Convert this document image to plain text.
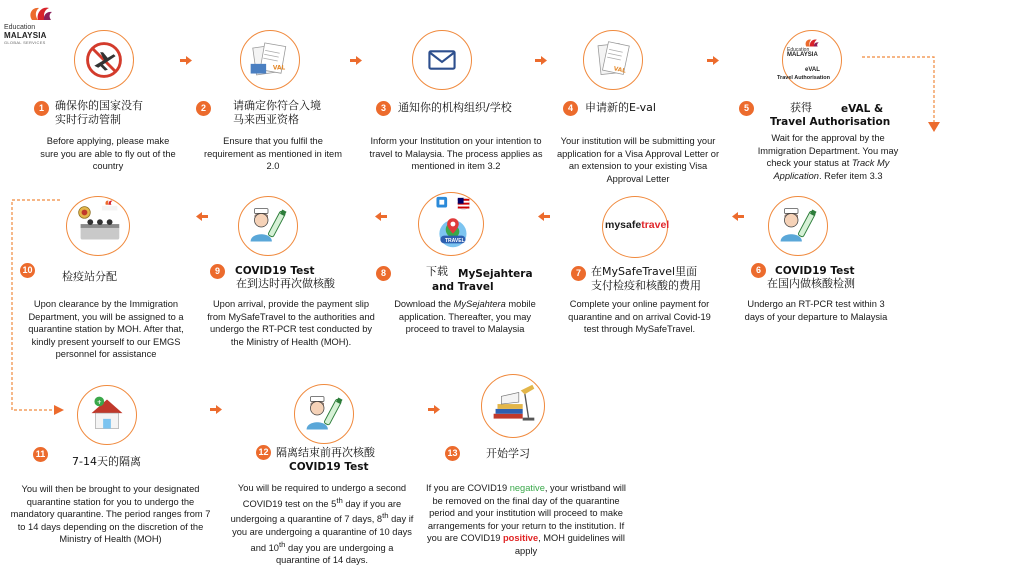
Education
MALAYSIA
GLOBAL SERVICES
1	确保你的国家没有
实时行动管制
Before applying, please make sure you are able to fly out of the country
VAL
2	请确定你符合入境
马来西亚资格
Ensure that you fulfil the requirement as mentioned in item 2.0
3	通知你的机构组织/学校
Inform your Institution on your intention to travel to Malaysia. The process applies as mentioned in item 3.2
VAL
4	申请新的E-val
Your institution will be submitting your application for a Visa Approval Letter or an extension to your existing Visa Approval Letter
Education
MALAYSIA
eVAL
Travel Authorisation
5	获得	eVAL &
Travel Authorisation
Wait for the approval by the Immigration Department. You may check your status at Track My Application. Refer item 3.3
6	COVID19 Test
在国内做核酸检测
Undergo an RT-PCR test within 3 days of your departure to Malaysia
mysafetravel
7 在MySafeTravel里面
支付检疫和核酸的费用
Complete your online payment for quarantine and on arrival Covid-19 test through MySafeTravel.
TRAVEL
8	下载 MySejahtera
and Travel
Download the MySejahtera mobile application. Thereafter, you may proceed to travel to Malaysia
9	COVID19 Test
在到达时再次做核酸
Upon arrival, provide the payment slip from MySafeTravel to the authorities and undergo the RT-PCR test conducted by the Ministry of Health (MOH).
10	检疫站分配
Upon clearance by the Immigration Department, you will be assigned to a quarantine station by MOH. After that, kindly present yourself to our EMGS personnel for assistance
+
11
7-14天的隔离
You will then be brought to your designated quarantine station for you to undergo the mandatory quarantine. The period ranges from 7 to 14 days depending on the discretion of the Ministry of Health (MOH)
12 隔离结束前再次核酸
COVID19 Test
You will be required to undergo a second COVID19 test on the 5th day if you are undergoing a quarantine of 7 days, 8th day if you are undergoing a quarantine of 10 days and 10th day you are undergoing a quarantine of 14 days.
13	开始学习
If you are COVID19 negative, your wristband will be removed on the final day of the quarantine period and your institution will proceed to make arrangements for your return to the institution. If you are COVID19 positive, MOH guidelines will apply
